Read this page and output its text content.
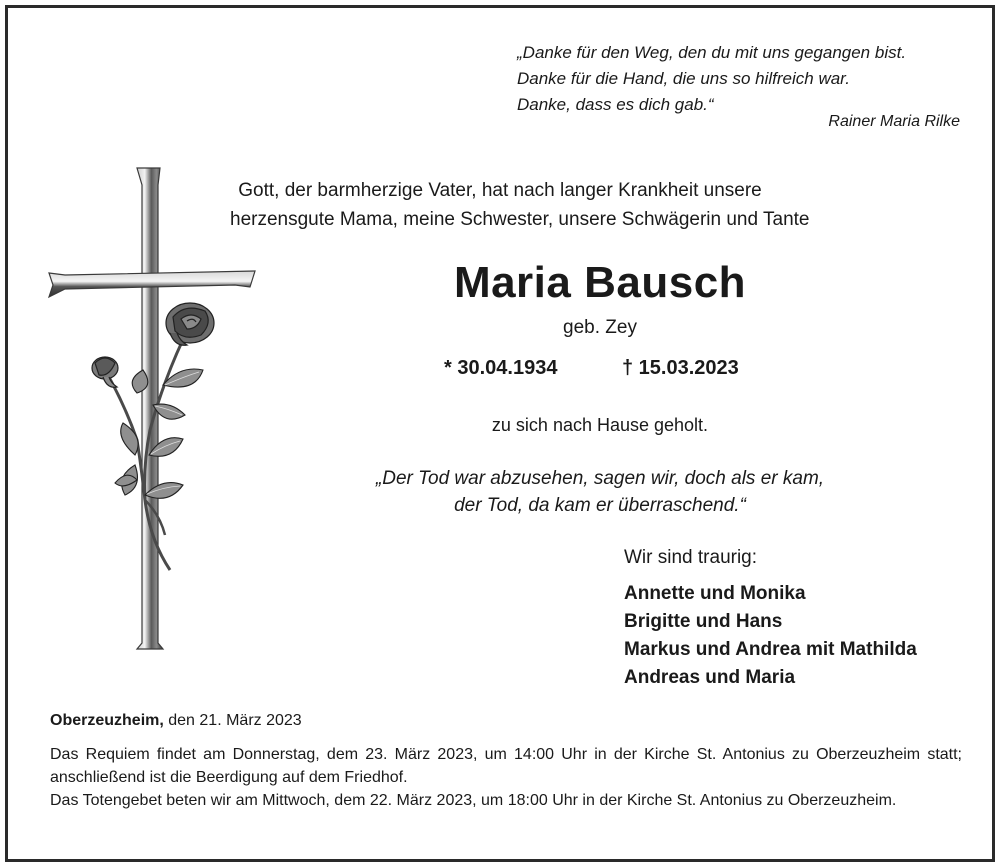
„Danke für den Weg, den du mit uns gegangen bist.
Danke für die Hand, die uns so hilfreich war.
Danke, dass es dich gab.“
Rainer Maria Rilke
Gott, der barmherzige Vater, hat nach langer Krankheit unsere
herzensgute Mama, meine Schwester, unsere Schwägerin und Tante
Maria Bausch
geb. Zey
* 30.04.1934	† 15.03.2023
zu sich nach Hause geholt.
„Der Tod war abzusehen, sagen wir, doch als er kam,
der Tod, da kam er überraschend.“
Wir sind traurig:
Annette und Monika
Brigitte und Hans
Markus und Andrea mit Mathilda
Andreas und Maria
Oberzeuzheim, den 21. März 2023

Das Requiem findet am Donnerstag, dem 23. März 2023, um 14:00 Uhr in der Kirche St. Antonius zu Oberzeuzheim statt; anschließend ist die Beerdigung auf dem Friedhof.

Das Totengebet beten wir am Mittwoch, dem 22. März 2023, um 18:00 Uhr in der Kirche St. Antonius zu Oberzeuzheim.
